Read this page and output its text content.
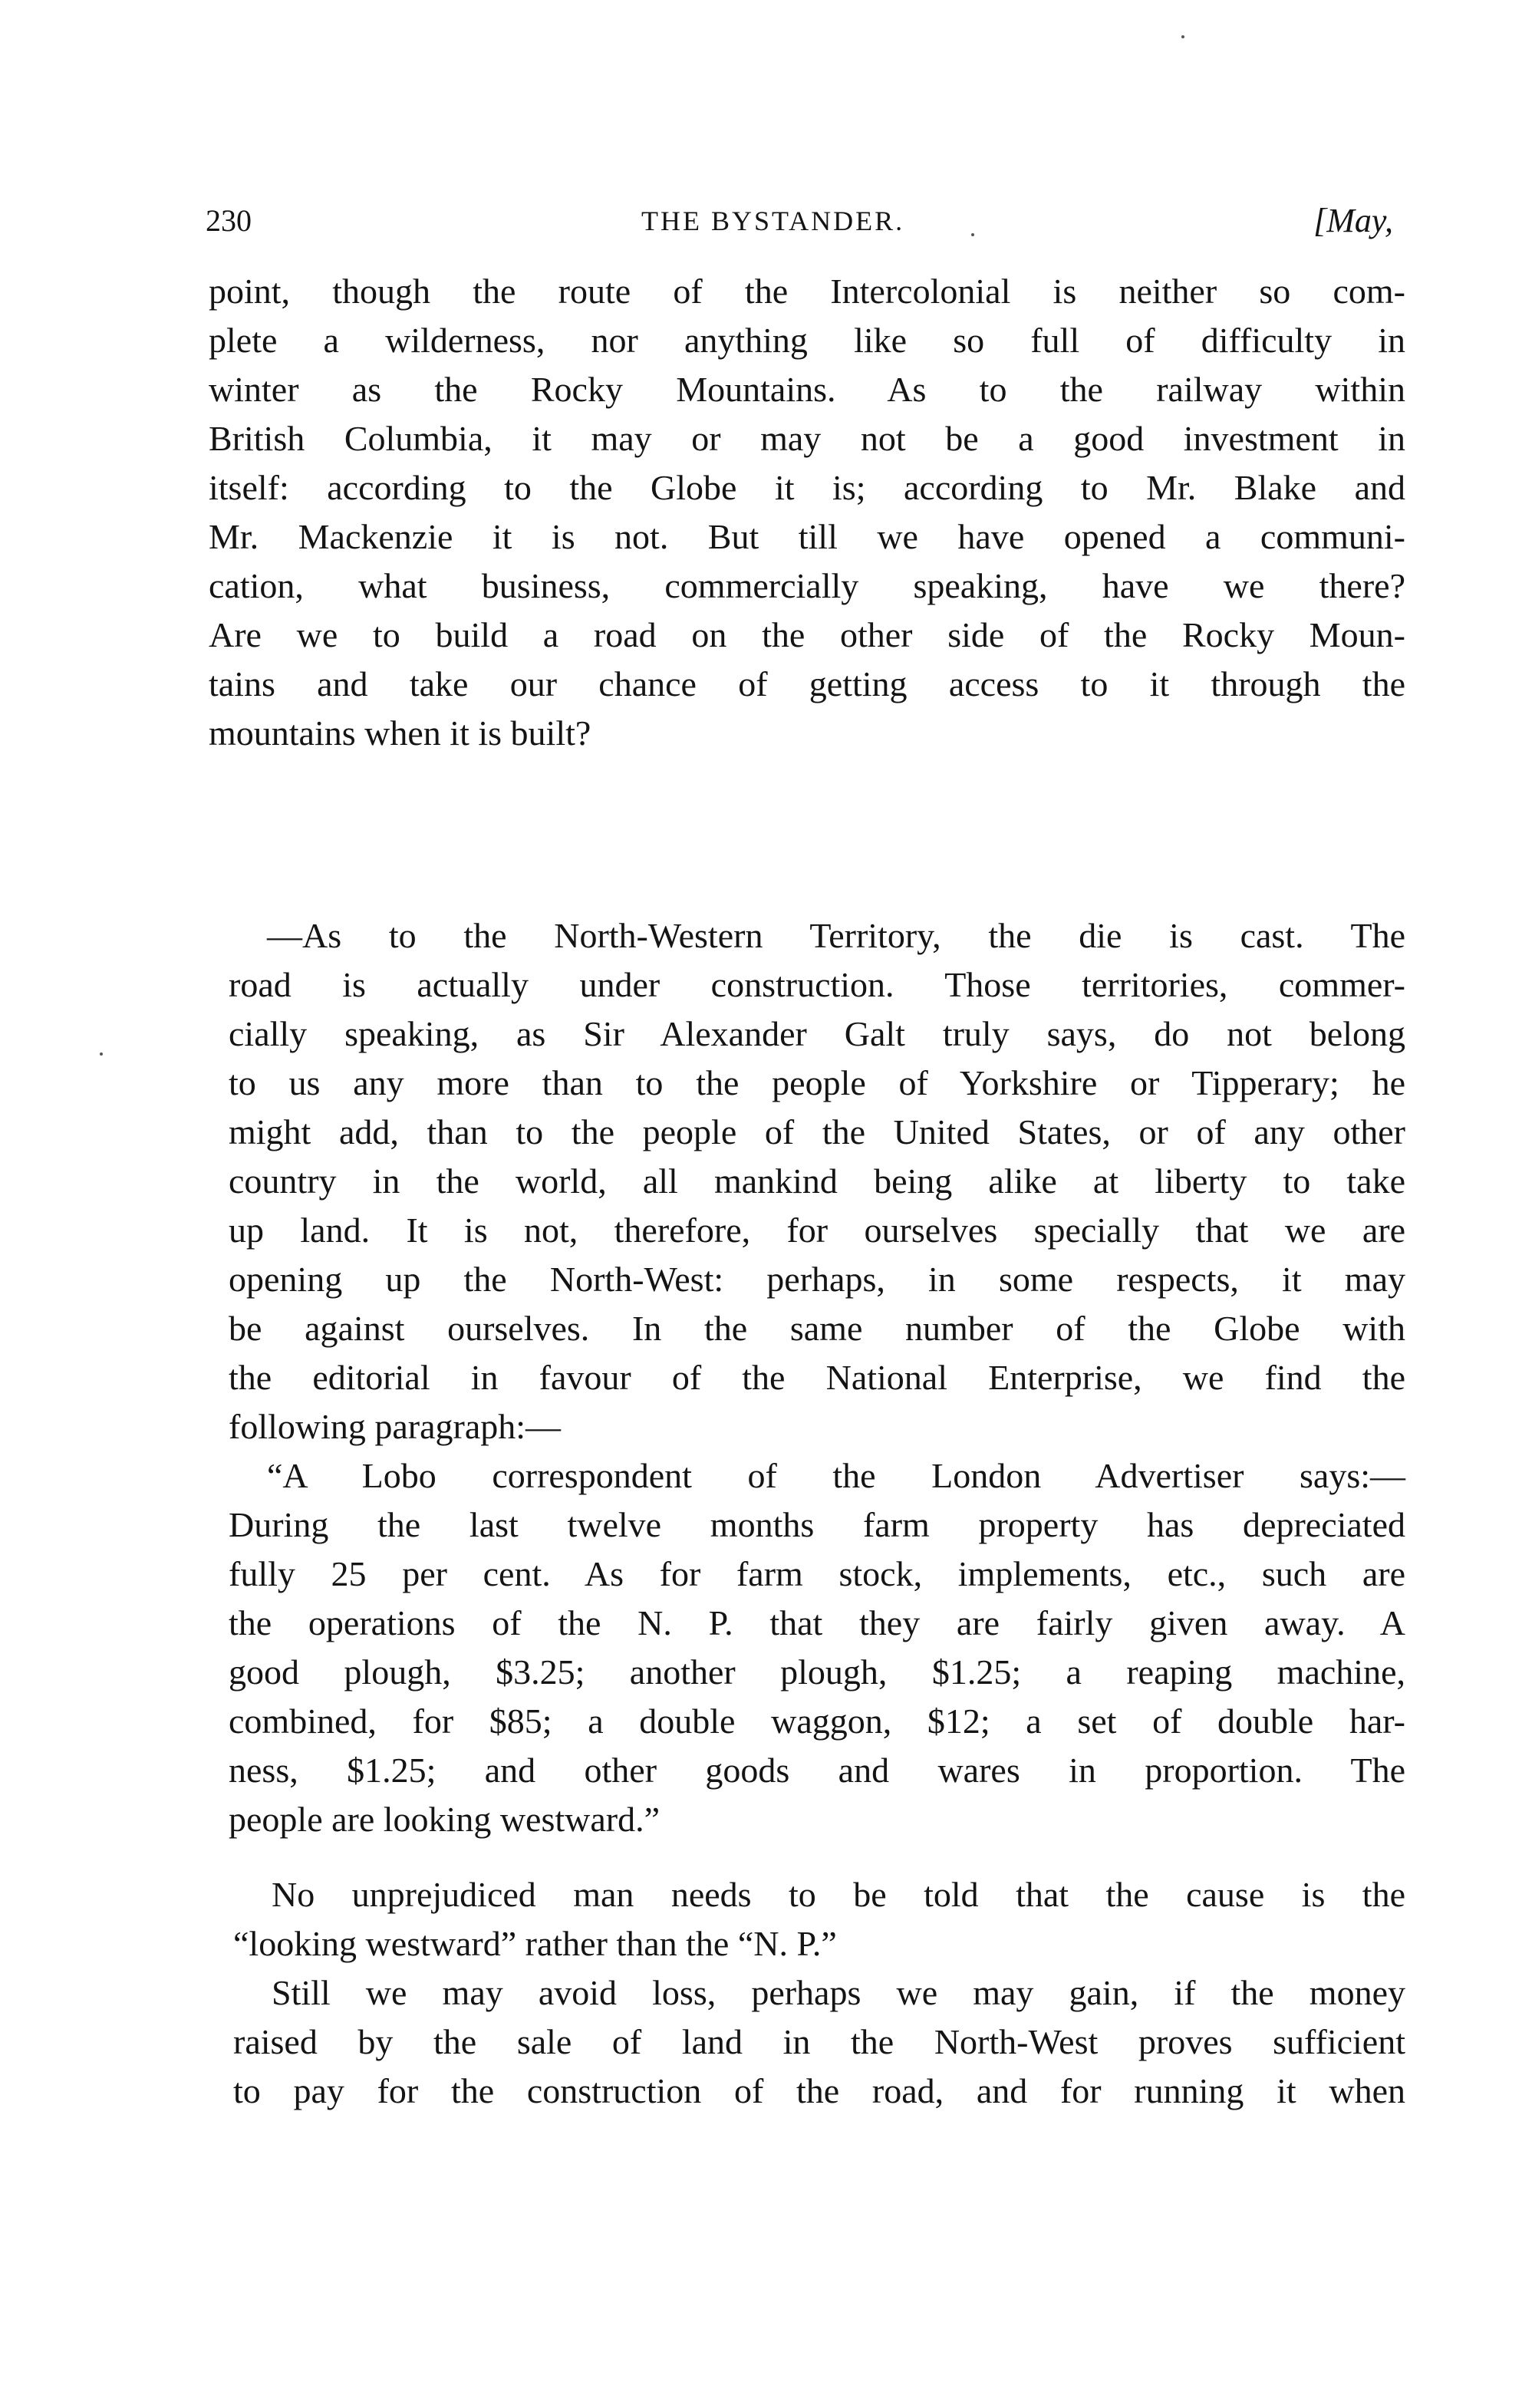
230	THE BYSTANDER.	[May,
point, though the route of the Intercolonial is neither so com-
plete a wilderness, nor anything like so full of difficulty in
winter as the Rocky Mountains. As to the railway within
British Columbia, it may or may not be a good investment in
itself: according to the Globe it is; according to Mr. Blake and
Mr. Mackenzie it is not. But till we have opened a communi-
cation, what business, commercially speaking, have we there?
Are we to build a road on the other side of the Rocky Moun-
tains and take our chance of getting access to it through the
mountains when it is built?
—As to the North-Western Territory, the die is cast. The
road is actually under construction. Those territories, commer-
cially speaking, as Sir Alexander Galt truly says, do not belong
to us any more than to the people of Yorkshire or Tipperary; he
might add, than to the people of the United States, or of any other
country in the world, all mankind being alike at liberty to take
up land. It is not, therefore, for ourselves specially that we are
opening up the North-West: perhaps, in some respects, it may
be against ourselves. In the same number of the Globe with
the editorial in favour of the National Enterprise, we find the
following paragraph:—
“A Lobo correspondent of the London Advertiser says:—
During the last twelve months farm property has depreciated
fully 25 per cent. As for farm stock, implements, etc., such are
the operations of the N. P. that they are fairly given away. A
good plough, $3.25; another plough, $1.25; a reaping machine,
combined, for $85; a double waggon, $12; a set of double har-
ness, $1.25; and other goods and wares in proportion. The
people are looking westward.”
No unprejudiced man needs to be told that the cause is the
“looking westward” rather than the “N. P.”
Still we may avoid loss, perhaps we may gain, if the money
raised by the sale of land in the North-West proves sufficient
to pay for the construction of the road, and for running it when
